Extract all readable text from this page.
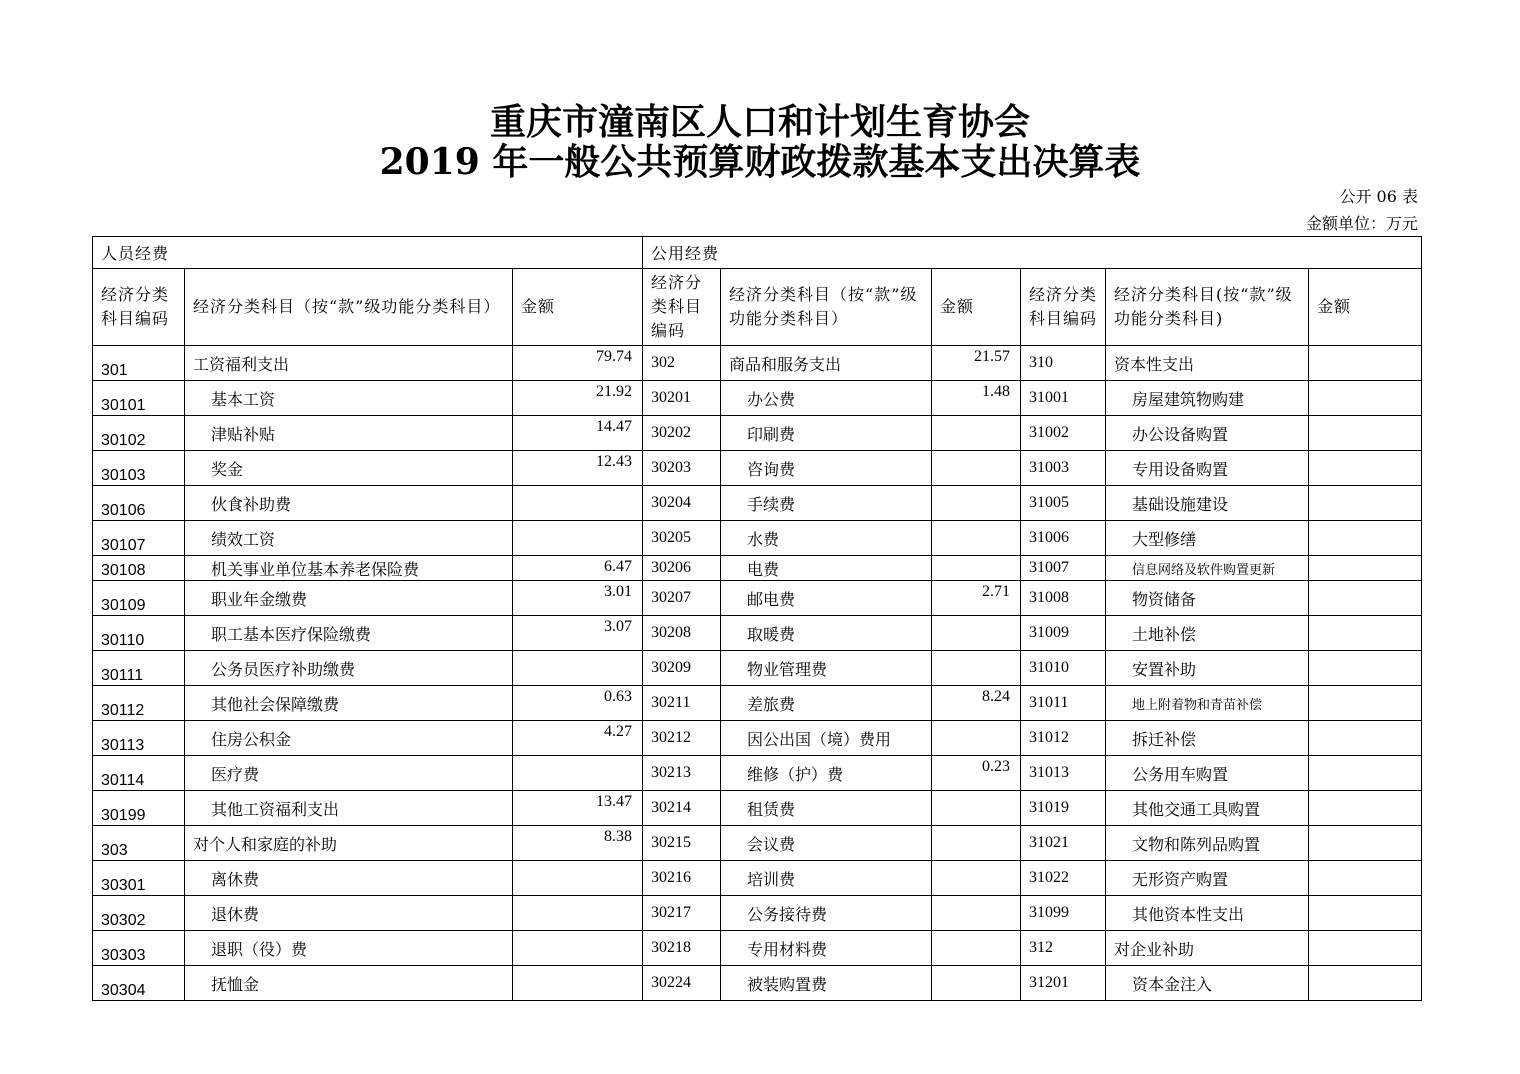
重庆市潼南区人口和计划生育协会
2019 年一般公共预算财政拨款基本支出决算表
公开 06 表
金额单位：万元
人员经费			公用经费					
经济分类科目编码	经济分类科目（按“款”级功能分类科目）	金额	经济分类科目编码	经济分类科目（按“款”级功能分类科目）	金额	经济分类科目编码	经济分类科目(按“款”级功能分类科目)	金额
301	工资福利支出	79.74	302	商品和服务支出	21.57	310	资本性支出	
30101	基本工资	21.92	30201	办公费	1.48	31001	房屋建筑物购建	
30102	津贴补贴	14.47	30202	印刷费		31002	办公设备购置	
30103	奖金	12.43	30203	咨询费		31003	专用设备购置	
30106	伙食补助费		30204	手续费		31005	基础设施建设	
30107	绩效工资		30205	水费		31006	大型修缮	
30108	机关事业单位基本养老保险费	6.47	30206	电费		31007	信息网络及软件购置更新	
30109	职业年金缴费	3.01	30207	邮电费	2.71	31008	物资储备	
30110	职工基本医疗保险缴费	3.07	30208	取暖费		31009	土地补偿	
30111	公务员医疗补助缴费		30209	物业管理费		31010	安置补助	
30112	其他社会保障缴费	0.63	30211	差旅费	8.24	31011	地上附着物和青苗补偿	
30113	住房公积金	4.27	30212	因公出国（境）费用		31012	拆迁补偿	
30114	医疗费		30213	维修（护）费	0.23	31013	公务用车购置	
30199	其他工资福利支出	13.47	30214	租赁费		31019	其他交通工具购置	
303	对个人和家庭的补助	8.38	30215	会议费		31021	文物和陈列品购置	
30301	离休费		30216	培训费		31022	无形资产购置	
30302	退休费		30217	公务接待费		31099	其他资本性支出	
30303	退职（役）费		30218	专用材料费		312	对企业补助	
30304	抚恤金		30224	被装购置费		31201	资本金注入	
